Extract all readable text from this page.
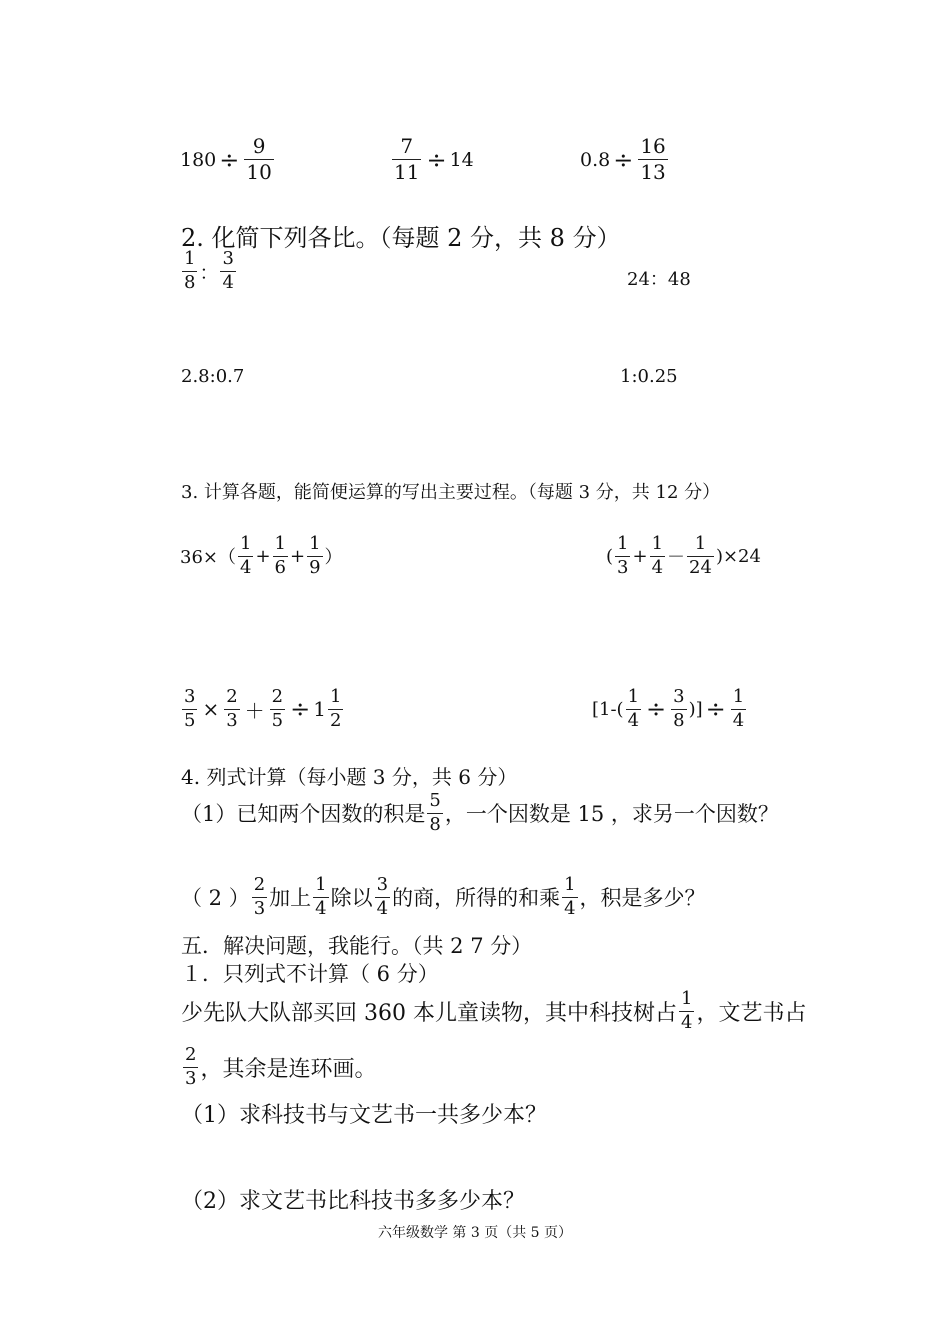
$180 \div \frac{9}{10}$	$\frac{7}{11} \div 14$	$0.8 \div \frac{16}{13}$
2. 化简下列各比。（每题 2 分，共 8 分）
$\frac{1}{8}$ ： $\frac{3}{4}$	24：48
2.8:0.7	1:0.25
3. 计算各题，能简便运算的写出主要过程。（每题 3 分，共 12 分）
$36\times( \frac{1}{4} + \frac{1}{6} + \frac{1}{9}$ ）	( $\frac{1}{3} + \frac{1}{4} - \frac{1}{24} )\times 24$
$\frac{3}{5} \times \frac{2}{3} + \frac{2}{5} \div 1 \frac{1}{2}$	[$1-( \frac{1}{4} \div \frac{3}{8}$ )] ÷ $\frac{1}{4}$
4. 列式计算（每小题 3 分，共 6 分）
（1）已知两个因数的积是 $\frac{5}{8}$ ，一个因数是 15 ，求另一个因数？
（ 2 ） $\frac{2}{3}$ 加上 $\frac{1}{4}$ 除以 $\frac{3}{4}$ 的商，所得的和乘 $\frac{1}{4}$ ，积是多少？
五．解决问题，我能行。（共 2 7 分）
１．只列式不计算（ 6 分）
少先队大队部买回 360 本儿童读物，其中科技树占 $\frac{1}{4}$ ，文艺书占
$\frac{2}{3}$ ，其余是连环画。
（1）求科技书与文艺书一共多少本？
（2）求文艺书比科技书多多少本？
六年级数学 第 3 页（共 5 页）
